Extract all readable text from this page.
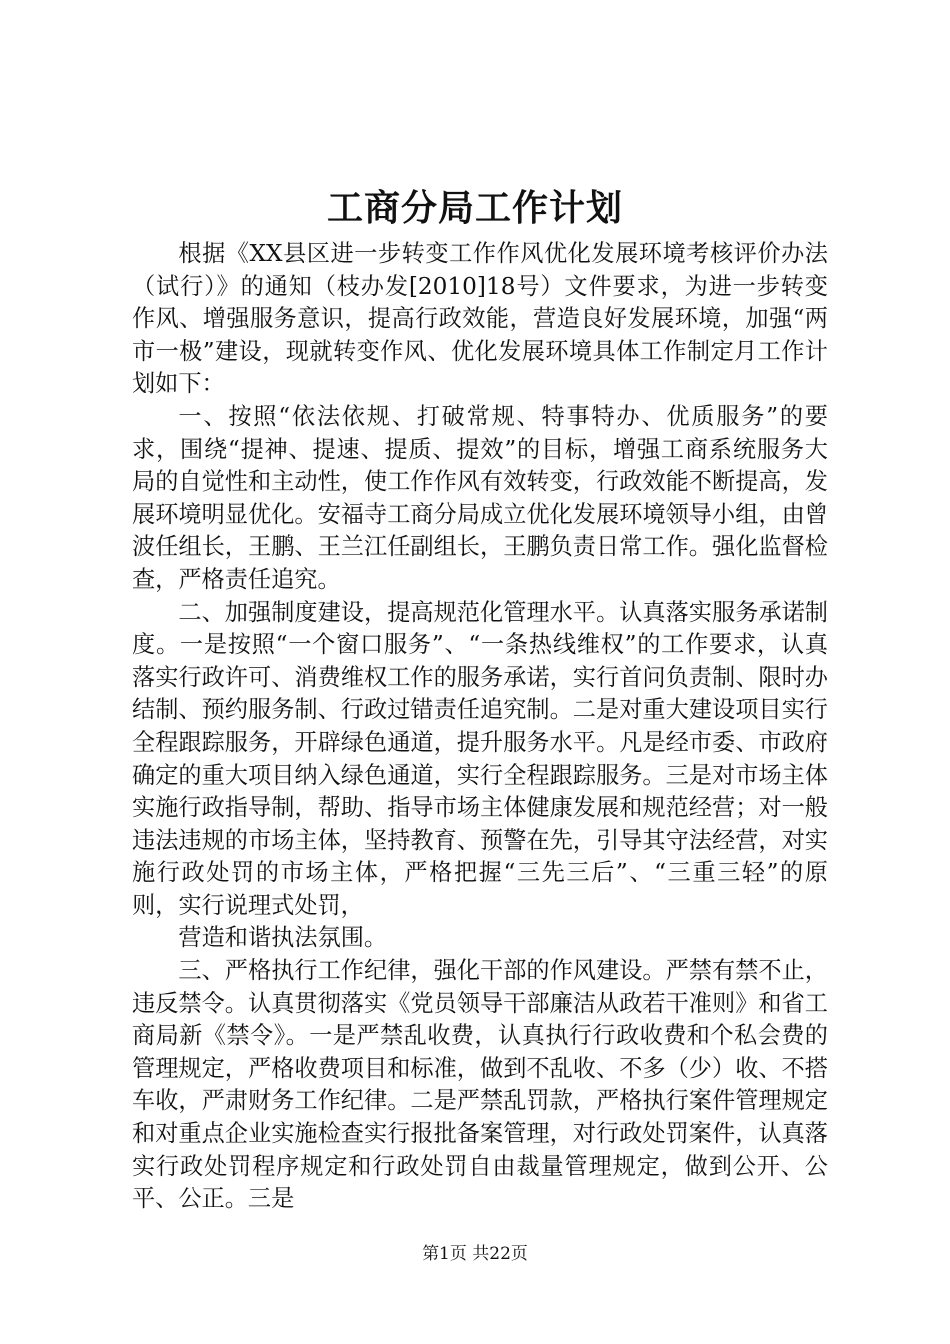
工商分局工作计划

根据《XX县区进一步转变工作作风优化发展环境考核评价办法（试行）》的通知（枝办发[2010]18号）文件要求，为进一步转变作风、增强服务意识，提高行政效能，营造良好发展环境，加强“两市一极”建设，现就转变作风、优化发展环境具体工作制定月工作计划如下：

一、按照“依法依规、打破常规、特事特办、优质服务”的要求，围绕“提神、提速、提质、提效”的目标，增强工商系统服务大局的自觉性和主动性，使工作作风有效转变，行政效能不断提高，发展环境明显优化。安福寺工商分局成立优化发展环境领导小组，由曾波任组长，王鹏、王兰江任副组长，王鹏负责日常工作。强化监督检查，严格责任追究。

二、加强制度建设，提高规范化管理水平。认真落实服务承诺制度。一是按照“一个窗口服务”、“一条热线维权”的工作要求，认真落实行政许可、消费维权工作的服务承诺，实行首问负责制、限时办结制、预约服务制、行政过错责任追究制。二是对重大建设项目实行全程跟踪服务，开辟绿色通道，提升服务水平。凡是经市委、市政府确定的重大项目纳入绿色通道，实行全程跟踪服务。三是对市场主体实施行政指导制，帮助、指导市场主体健康发展和规范经营；对一般违法违规的市场主体，坚持教育、预警在先，引导其守法经营，对实施行政处罚的市场主体，严格把握“三先三后”、“三重三轻”的原则，实行说理式处罚，

营造和谐执法氛围。

三、严格执行工作纪律，强化干部的作风建设。严禁有禁不止，违反禁令。认真贯彻落实《党员领导干部廉洁从政若干准则》和省工商局新《禁令》。一是严禁乱收费，认真执行行政收费和个私会费的管理规定，严格收费项目和标准，做到不乱收、不多（少）收、不搭车收，严肃财务工作纪律。二是严禁乱罚款，严格执行案件管理规定和对重点企业实施检查实行报批备案管理，对行政处罚案件，认真落实行政处罚程序规定和行政处罚自由裁量管理规定，做到公开、公平、公正。三是

第1页 共22页
